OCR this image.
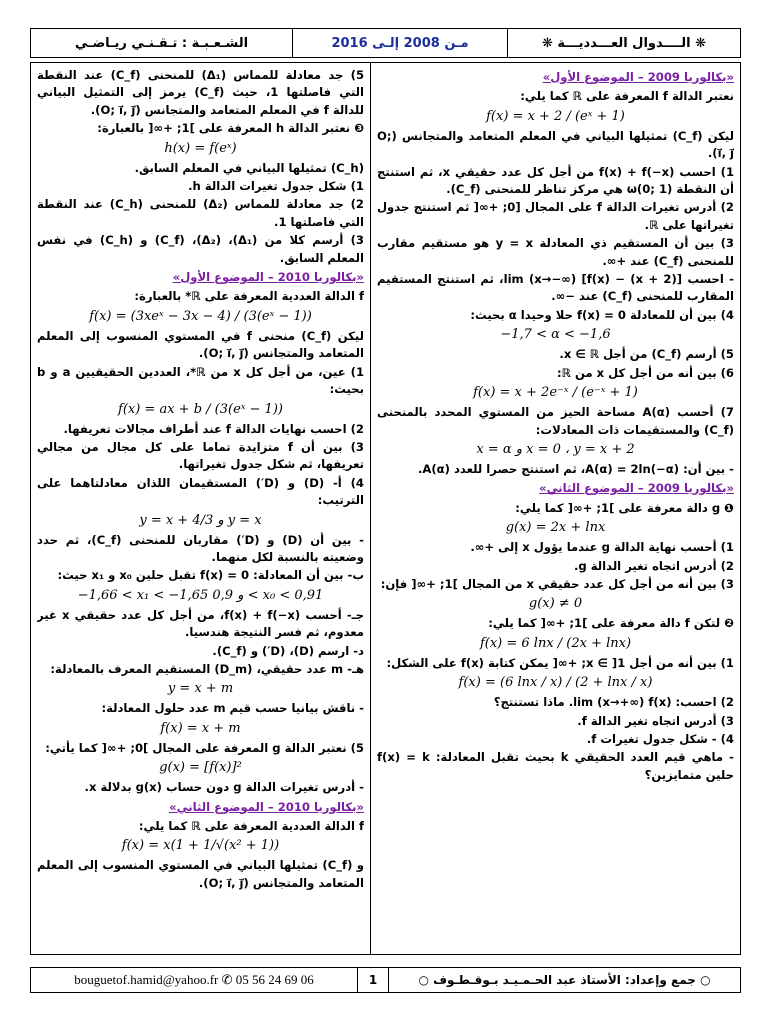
❋ الــــدوال العـــدديـــة ❋
مـن 2008 إلـى 2016
الشـعـبـة : تـقـنـي ريـاضـي

«بكالوريا 2009 – الموضوع الأول»

نعتبر الدالة f المعرفة على ℝ كما يلي:

f(x) = x + 2 / (eˣ + 1)

ليكن (C_f) تمثيلها البياني في المعلم المتعامد والمتجانس (O; i⃗, j⃗).

1) احسب f(x) + f(−x) من أجل كل عدد حقيقي x، ثم استنتج أن النقطة ω(0; 1) هي مركز تناظر للمنحنى (C_f).

2) أدرس تغيرات الدالة f على المجال [0; +∞[ ثم استنتج جدول تغيراتها على ℝ.

3) بين أن المستقيم ذي المعادلة y = x هو مستقيم مقارب للمنحنى (C_f) عند +∞.

- احسب lim (x→−∞) [f(x) − (x + 2)]، ثم استنتج المستقيم المقارب للمنحنى (C_f) عند −∞.

4) بين أن للمعادلة f(x) = 0 حلا وحيدا α بحيث:

−1,7 < α < −1,6

5) أرسم (C_f) من أجل x ∈ ℝ.

6) بين أنه من أجل كل x من ℝ:

f(x) = x + 2e⁻ˣ / (e⁻ˣ + 1)

7) أحسب A(α) مساحة الحيز من المستوي المحدد بالمنحنى (C_f) والمستقيمات ذات المعادلات:

x = α و x = 0 ، y = x + 2

- بين أن: A(α) = 2ln(−α)، ثم استنتج حصرا للعدد A(α).

«بكالوريا 2009 – الموضوع الثاني»

❶ g دالة معرفة على ]1; +∞[ كما يلي:

g(x) = 2x + lnx

1) أحسب نهاية الدالة g عندما يؤول x إلى +∞.

2) أدرس اتجاه تغير الدالة g.

3) بين أنه من أجل كل عدد حقيقي x من المجال ]1; +∞[ فإن:

g(x) ≠ 0

❷ لتكن f دالة معرفة على ]1; +∞[ كما يلي:

f(x) = 6 lnx / (2x + lnx)

1) بين أنه من أجل x ∈ ]1; +∞[ يمكن كتابة f(x) على الشكل:

f(x) = (6 lnx / x) / (2 + lnx / x)

2) احسب: lim (x→+∞) f(x). ماذا تستنتج؟

3) أدرس اتجاه تغير الدالة f.

4) - شكل جدول تغيرات f.

- ماهي قيم العدد الحقيقي k بحيث تقبل المعادلة: f(x) = k حلين متمايزين؟

5) جد معادلة للمماس (Δ₁) للمنحنى (C_f) عند النقطة التي فاصلتها 1، حيث (C_f) يرمز إلى التمثيل البياني للدالة f في المعلم المتعامد والمتجانس (O; i⃗, j⃗).

❸ نعتبر الدالة h المعرفة على ]1; +∞[ بالعبارة:

h(x) = f(eˣ)

(C_h) تمثيلها البياني في المعلم السابق.

1) شكل جدول تغيرات الدالة h.

2) جد معادلة للمماس (Δ₂) للمنحنى (C_h) عند النقطة التي فاصلتها 1.

3) أرسم كلا من (Δ₁)، (Δ₂)، (C_f) و (C_h) في نفس المعلم السابق.

«بكالوريا 2010 – الموضوع الأول»

f الدالة العددية المعرفة على ℝ* بالعبارة:

f(x) = (3xeˣ − 3x − 4) / (3(eˣ − 1))

ليكن (C_f) منحنى f في المستوي المنسوب إلى المعلم المتعامد والمتجانس (O; i⃗, j⃗).

1) عين، من أجل كل x من ℝ*، العددين الحقيقيين a و b بحيث:

f(x) = ax + b / (3(eˣ − 1))

2) احسب نهايات الدالة f عند أطراف مجالات تعريفها.

3) بين أن f متزايدة تماما على كل مجال من مجالي تعريفها، ثم شكل جدول تغيراتها.

4) أ- (D) و (D′) المستقيمان اللذان معادلتاهما على الترتيب:

y = x + 4/3 و y = x

- بين أن (D) و (D′) مقاربان للمنحنى (C_f)، ثم حدد وضعيته بالنسبة لكل منهما.

ب- بين أن المعادلة: f(x) = 0 تقبل حلين x₀ و x₁ حيث:

−1,66 < x₁ < −1,65 و 0,9 < x₀ < 0,91

جـ- أحسب f(x) + f(−x)، من أجل كل عدد حقيقي x غير معدوم، ثم فسر النتيجة هندسيا.

د- ارسم (D)، (D′) و (C_f).

هـ- m عدد حقيقي، (D_m) المستقيم المعرف بالمعادلة:

y = x + m

- ناقش بيانيا حسب قيم m عدد حلول المعادلة:

f(x) = x + m

5) نعتبر الدالة g المعرفة على المجال ]0; +∞[ كما يأتي:

g(x) = [f(x)]²

- أدرس تغيرات الدالة g دون حساب g(x) بدلالة x.

«بكالوريا 2010 – الموضوع الثاني»

f الدالة العددية المعرفة على ℝ كما يلي:

f(x) = x(1 + 1/√(x² + 1))

و (C_f) تمثيلها البياني في المستوي المنسوب إلى المعلم المتعامد والمتجانس (O; i⃗, j⃗).

○ جمع وإعداد: الأستاذ عبد الحـمـيـد بـوقـطـوف ○
1
bouguetof.hamid@yahoo.fr ✆ 05 56 24 69 06
